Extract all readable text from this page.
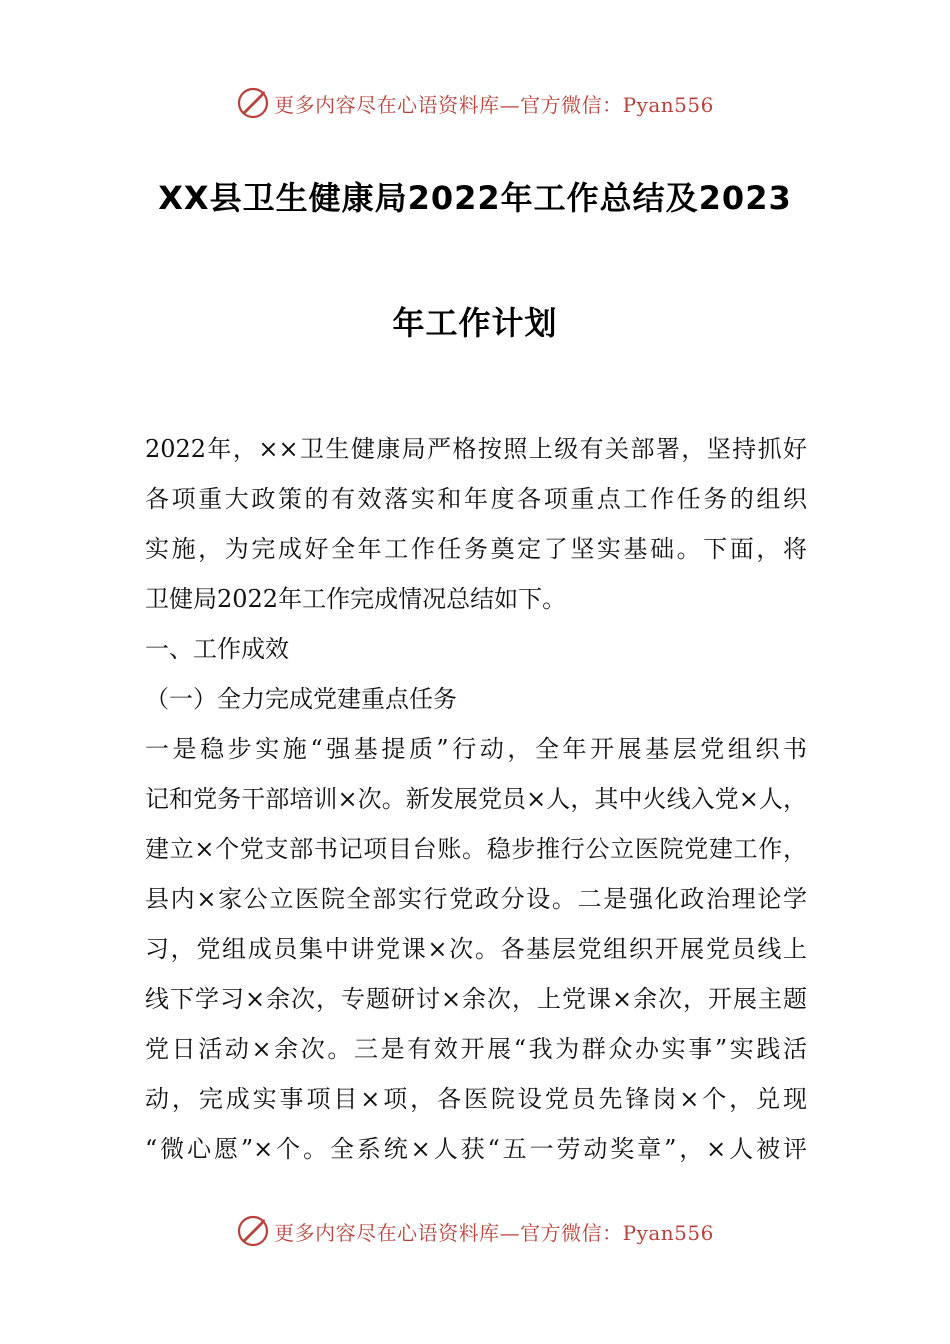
更多内容尽在心语资料库—官方微信：Pyan556
XX县卫生健康局2022年工作总结及2023
年工作计划
2022年，××卫生健康局严格按照上级有关部署，坚持抓好
各项重大政策的有效落实和年度各项重点工作任务的组织
实施，为完成好全年工作任务奠定了坚实基础。下面，将
卫健局2022年工作完成情况总结如下。
一、工作成效
（一）全力完成党建重点任务
一是稳步实施“强基提质”行动，全年开展基层党组织书
记和党务干部培训×次。新发展党员×人，其中火线入党×人，
建立×个党支部书记项目台账。稳步推行公立医院党建工作，
县内×家公立医院全部实行党政分设。二是强化政治理论学
习，党组成员集中讲党课×次。各基层党组织开展党员线上
线下学习×余次，专题研讨×余次，上党课×余次，开展主题
党日活动×余次。三是有效开展“我为群众办实事”实践活
动，完成实事项目×项，各医院设党员先锋岗×个，兑现
“微心愿”×个。全系统×人获“五一劳动奖章”，×人被评
更多内容尽在心语资料库—官方微信：Pyan556
